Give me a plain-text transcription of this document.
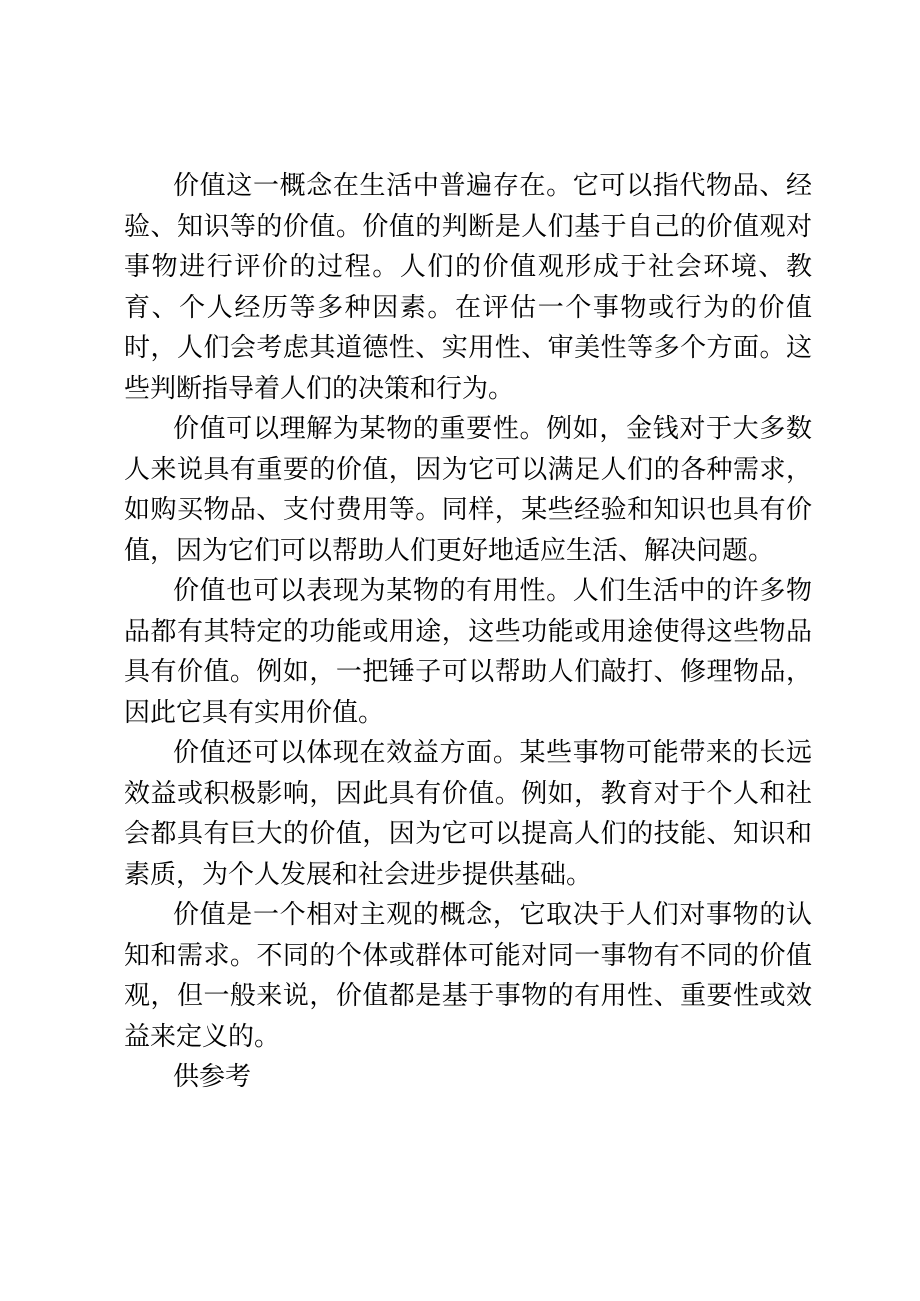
价值这一概念在生活中普遍存在。它可以指代物品、经验、知识等的价值。价值的判断是人们基于自己的价值观对事物进行评价的过程。人们的价值观形成于社会环境、教育、个人经历等多种因素。在评估一个事物或行为的价值时，人们会考虑其道德性、实用性、审美性等多个方面。这些判断指导着人们的决策和行为。

价值可以理解为某物的重要性。例如，金钱对于大多数人来说具有重要的价值，因为它可以满足人们的各种需求，如购买物品、支付费用等。同样，某些经验和知识也具有价值，因为它们可以帮助人们更好地适应生活、解决问题。

价值也可以表现为某物的有用性。人们生活中的许多物品都有其特定的功能或用途，这些功能或用途使得这些物品具有价值。例如，一把锤子可以帮助人们敲打、修理物品，因此它具有实用价值。

价值还可以体现在效益方面。某些事物可能带来的长远效益或积极影响，因此具有价值。例如，教育对于个人和社会都具有巨大的价值，因为它可以提高人们的技能、知识和素质，为个人发展和社会进步提供基础。

价值是一个相对主观的概念，它取决于人们对事物的认知和需求。不同的个体或群体可能对同一事物有不同的价值观，但一般来说，价值都是基于事物的有用性、重要性或效益来定义的。

供参考
